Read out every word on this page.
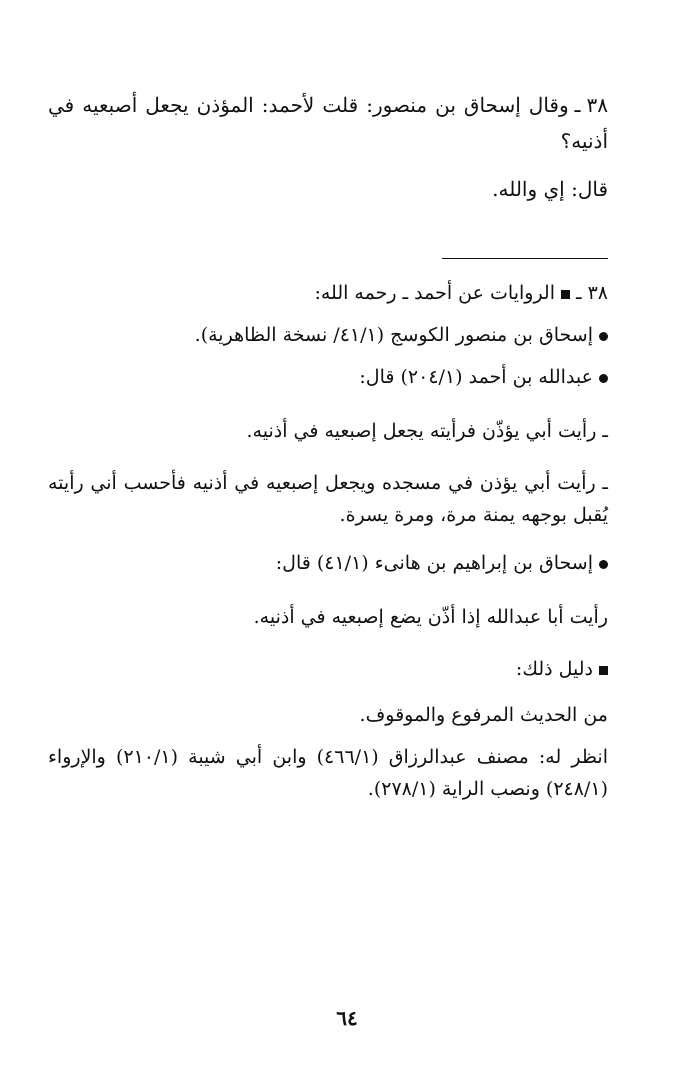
٣٨ـوقال إسحاق بن منصور: قلت لأحمد: المؤذن يجعل أصبعيه في
أذنيه؟
قال: إي والله.
٣٨ـالروايات عن أحمد ـ رحمه الله:
إسحاق بن منصور الكوسج (٤١/١/ نسخة الظاهرية).
عبدالله بن أحمد (٢٠٤/١) قال:
ـ رأيت أبي يؤذّن فرأيته يجعل إصبعيه في أذنيه.
ـ رأيت أبي يؤذن في مسجده ويجعل إصبعيه في أذنيه فأحسب أني رأيته
يُقبل بوجهه يمنة مرة، ومرة يسرة.
إسحاق بن إبراهيم بن هانىء (٤١/١) قال:
رأيت أبا عبدالله إذا أذّن يضع إصبعيه في أذنيه.
دليل ذلك:
من الحديث المرفوع والموقوف.
انظر له: مصنف عبدالرزاق (٤٦٦/١) وابن أبي شيبة (٢١٠/١) والإرواء
(٢٤٨/١) ونصب الراية (٢٧٨/١).
٦٤
